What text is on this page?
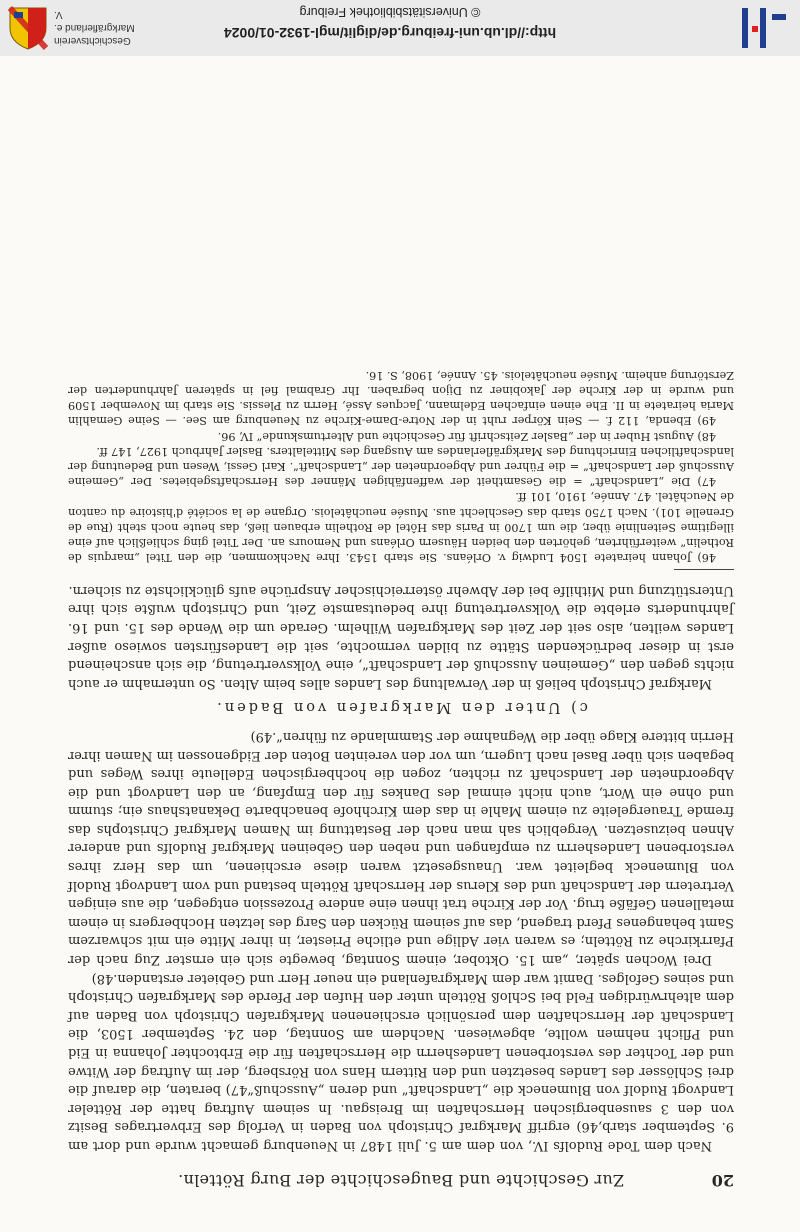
Geschichtsverein
Markgräflerland e. V.
http://dl.ub.uni-freiburg.de/diglit/mgl-1932-01/0024
© Universitätsbibliothek Freiburg
20
Zur Geschichte und Baugeschichte der Burg Rötteln.

Nach dem Tode Rudolfs IV., von dem am 5. Juli 1487 in Neuenburg gemacht wurde und dort am 9. September starb,46) ergriff Markgraf Christoph von Baden in Verfolg des Erbvertrages Besitz von den 3 sausenbergischen Herrschaften im Breisgau. In seinem Auftrag hatte der Rötteler Landvogt Rudolf von Blumeneck die „Landschaft“ und deren „Ausschuß“47) beraten, die darauf die drei Schlösser des Landes besetzten und den Rittern Hans von Rörsberg, der im Auftrag der Witwe und der Tochter des verstorbenen Landesherrn die Herrschaften für die Erbtochter Johanna in Eid und Pflicht nehmen wollte, abgewiesen. Nachdem am Sonntag, den 24. September 1503, die Landschaft der Herrschaften dem persönlich erschienenen Markgrafen Christoph von Baden auf dem altehrwürdigen Feld bei Schloß Rötteln unter den Hufen der Pferde des Markgrafen Christoph und seines Gefolges. Damit war dem Markgrafenland ein neuer Herr und Gebieter erstanden.48)

Drei Wochen später, „am 15. Oktober, einem Sonntag, bewegte sich ein ernster Zug nach der Pfarrkirche zu Rötteln; es waren vier Adlige und etliche Priester, in ihrer Mitte ein mit schwarzem Samt behangenes Pferd tragend, das auf seinem Rücken den Sarg des letzten Hochbergers in einem metallenen Gefäße trug. Vor der Kirche trat ihnen eine andere Prozession entgegen, die aus einigen Vertretern der Landschaft und des Klerus der Herrschaft Rötteln bestand und vom Landvogt Rudolf von Blumeneck begleitet war. Unausgesetzt waren diese erschienen, um das Herz ihres verstorbenen Landesherrn zu empfangen und neben den Gebeinen Markgraf Rudolfs und anderer Ahnen beizusetzen. Vergeblich sah man nach der Bestattung im Namen Markgraf Christophs das fremde Trauergeleite zu einem Mahle in das dem Kirchhofe benachbarte Dekanatshaus ein; stumm und ohne ein Wort, auch nicht einmal des Dankes für den Empfang, an den Landvogt und die Abgeordneten der Landschaft zu richten, zogen die hochbergischen Edelleute ihres Weges und begaben sich über Basel nach Lugern, um vor den vereinten Boten der Eidgenossen im Namen ihrer Herrin bittere Klage über die Wegnahme der Stammlande zu führen“.49)

c) Unter den Markgrafen von Baden.

Markgraf Christoph beließ in der Verwaltung des Landes alles beim Alten. So unternahm er auch nichts gegen den „Gemeinen Ausschuß der Landschaft“, eine Volksvertretung, die sich anscheinend erst in dieser bedrückenden Stätte zu bilden vermochte, seit die Landesfürsten sowieso außer Landes weilten, also seit der Zeit des Markgrafen Wilhelm. Gerade um die Wende des 15. und 16. Jahrhunderts erlebte die Volksvertretung ihre bedeutsamste Zeit, und Christoph wußte sich ihre Unterstützung und Mithilfe bei der Abwehr österreichischer Ansprüche aufs glücklichste zu sichern.

46) Johann heiratete 1504 Ludwig v. Orléans. Sie starb 1543. Ihre Nachkommen, die den Titel „marquis de Rothelin“ weiterführten, gehörten den beiden Häusern Orléans und Nemours an. Der Titel ging schließlich auf eine illegitime Seitenlinie über, die um 1700 in Paris das Hôtel de Rothelin erbauen ließ, das heute noch steht (Rue de Grenelle 101). Nach 1750 starb das Geschlecht aus. Musée neuchâtelois. Organe de la société d'histoire du canton de Neuchâtel. 47. Année, 1910, 101 ff.

47) Die „Landschaft“ = die Gesamtheit der waffenfähigen Männer des Herrschaftsgebietes. Der „Gemeine Ausschuß der Landschaft“ = die Führer und Abgeordneten der „Landschaft“. Karl Gessi, Wesen und Bedeutung der landschaftlichen Einrichtung des Markgräflerlandes am Ausgang des Mittelalters. Basler Jahrbuch 1927, 147 ff.

48) August Huber in der „Basler Zeitschrift für Geschichte und Altertumskunde“ IV, 96.

49) Ebenda, 112 f. — Sein Körper ruht in der Notre-Dame-Kirche zu Neuenburg am See. — Seine Gemahlin Maria heiratete in II. Ehe einen einfachen Edelmann, Jacques Assé, Herrn zu Plessis. Sie starb im November 1509 und wurde in der Kirche der Jakobiner zu Dijon begraben. Ihr Grabmal fiel in späteren Jahrhunderten der Zerstörung anheim. Musée neuchâtelois. 45. Année, 1908, S. 16.
